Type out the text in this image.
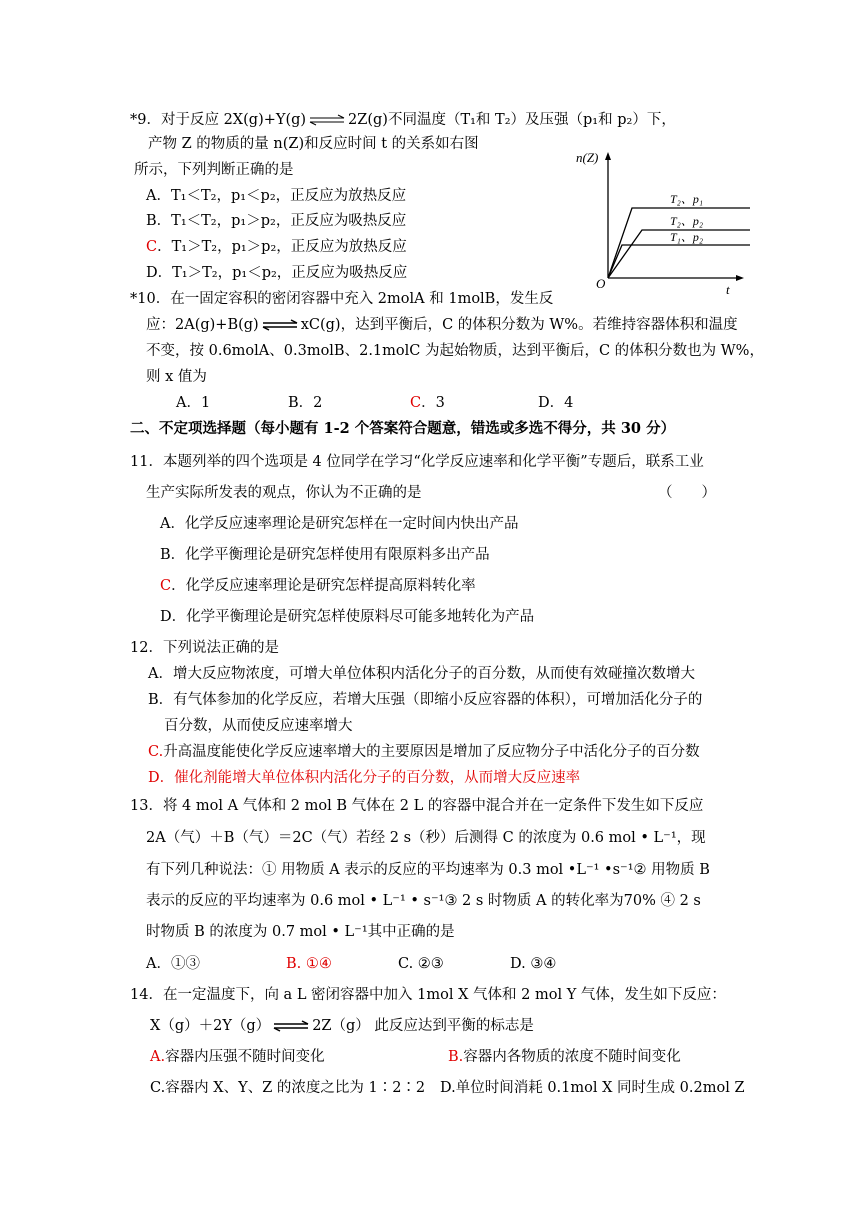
*9．对于反应 2X(g)+Y(g) ⇌ 2Z(g)不同温度（T₁和 T₂）及压强（p₁和 p₂）下，
产物 Z 的物质的量 n(Z)和反应时间 t 的关系如右图
所示，下列判断正确的是
A．T₁＜T₂，p₁＜p₂，正反应为放热反应
B．T₁＜T₂，p₁＞p₂，正反应为吸热反应
C．T₁＞T₂，p₁＞p₂，正反应为放热反应
D．T₁＞T₂，p₁＜p₂，正反应为吸热反应
n(Z)
t
O
T₂、p₁
T₂、p₂
T₁、p₂
*10．在一固定容积的密闭容器中充入 2molA 和 1molB，发生反
应：2A(g)+B(g) ⇌ xC(g)，达到平衡后，C 的体积分数为 W%。若维持容器体积和温度
不变，按 0.6molA、0.3molB、2.1molC 为起始物质，达到平衡后，C 的体积分数也为 W%，
则 x 值为
A．1	B．2	C．3	D．4
二、不定项选择题（每小题有 1-2 个答案符合题意，错选或多选不得分，共 30 分）
11．本题列举的四个选项是 4 位同学在学习“化学反应速率和化学平衡”专题后，联系工业
生产实际所发表的观点，你认为不正确的是	（　　）
A．化学反应速率理论是研究怎样在一定时间内快出产品
B．化学平衡理论是研究怎样使用有限原料多出产品
C．化学反应速率理论是研究怎样提高原料转化率
D．化学平衡理论是研究怎样使原料尽可能多地转化为产品
12．下列说法正确的是
A．增大反应物浓度，可增大单位体积内活化分子的百分数，从而使有效碰撞次数增大
B．有气体参加的化学反应，若增大压强（即缩小反应容器的体积），可增加活化分子的
百分数，从而使反应速率增大
C.升高温度能使化学反应速率增大的主要原因是增加了反应物分子中活化分子的百分数
D．催化剂能增大单位体积内活化分子的百分数，从而增大反应速率
13．将 4 mol A 气体和 2 mol B 气体在 2 L 的容器中混合并在一定条件下发生如下反应
2A（气）＋B（气）＝2C（气）若经 2 s（秒）后测得 C 的浓度为 0.6 mol • L⁻¹，现
有下列几种说法：① 用物质 A 表示的反应的平均速率为 0.3 mol •L⁻¹ •s⁻¹② 用物质 B
表示的反应的平均速率为 0.6 mol • L⁻¹ • s⁻¹③ 2 s 时物质 A 的转化率为70% ④ 2 s
时物质 B 的浓度为 0.7 mol • L⁻¹其中正确的是
A．①③	B. ①④	C. ②③	D. ③④
14．在一定温度下，向 a L 密闭容器中加入 1mol X 气体和 2 mol Y 气体，发生如下反应：
X（g）＋2Y（g） ⇌ 2Z（g） 此反应达到平衡的标志是
A.容器内压强不随时间变化	B.容器内各物质的浓度不随时间变化
C.容器内 X、Y、Z 的浓度之比为 1∶2∶2 D.单位时间消耗 0.1mol X 同时生成 0.2mol Z
